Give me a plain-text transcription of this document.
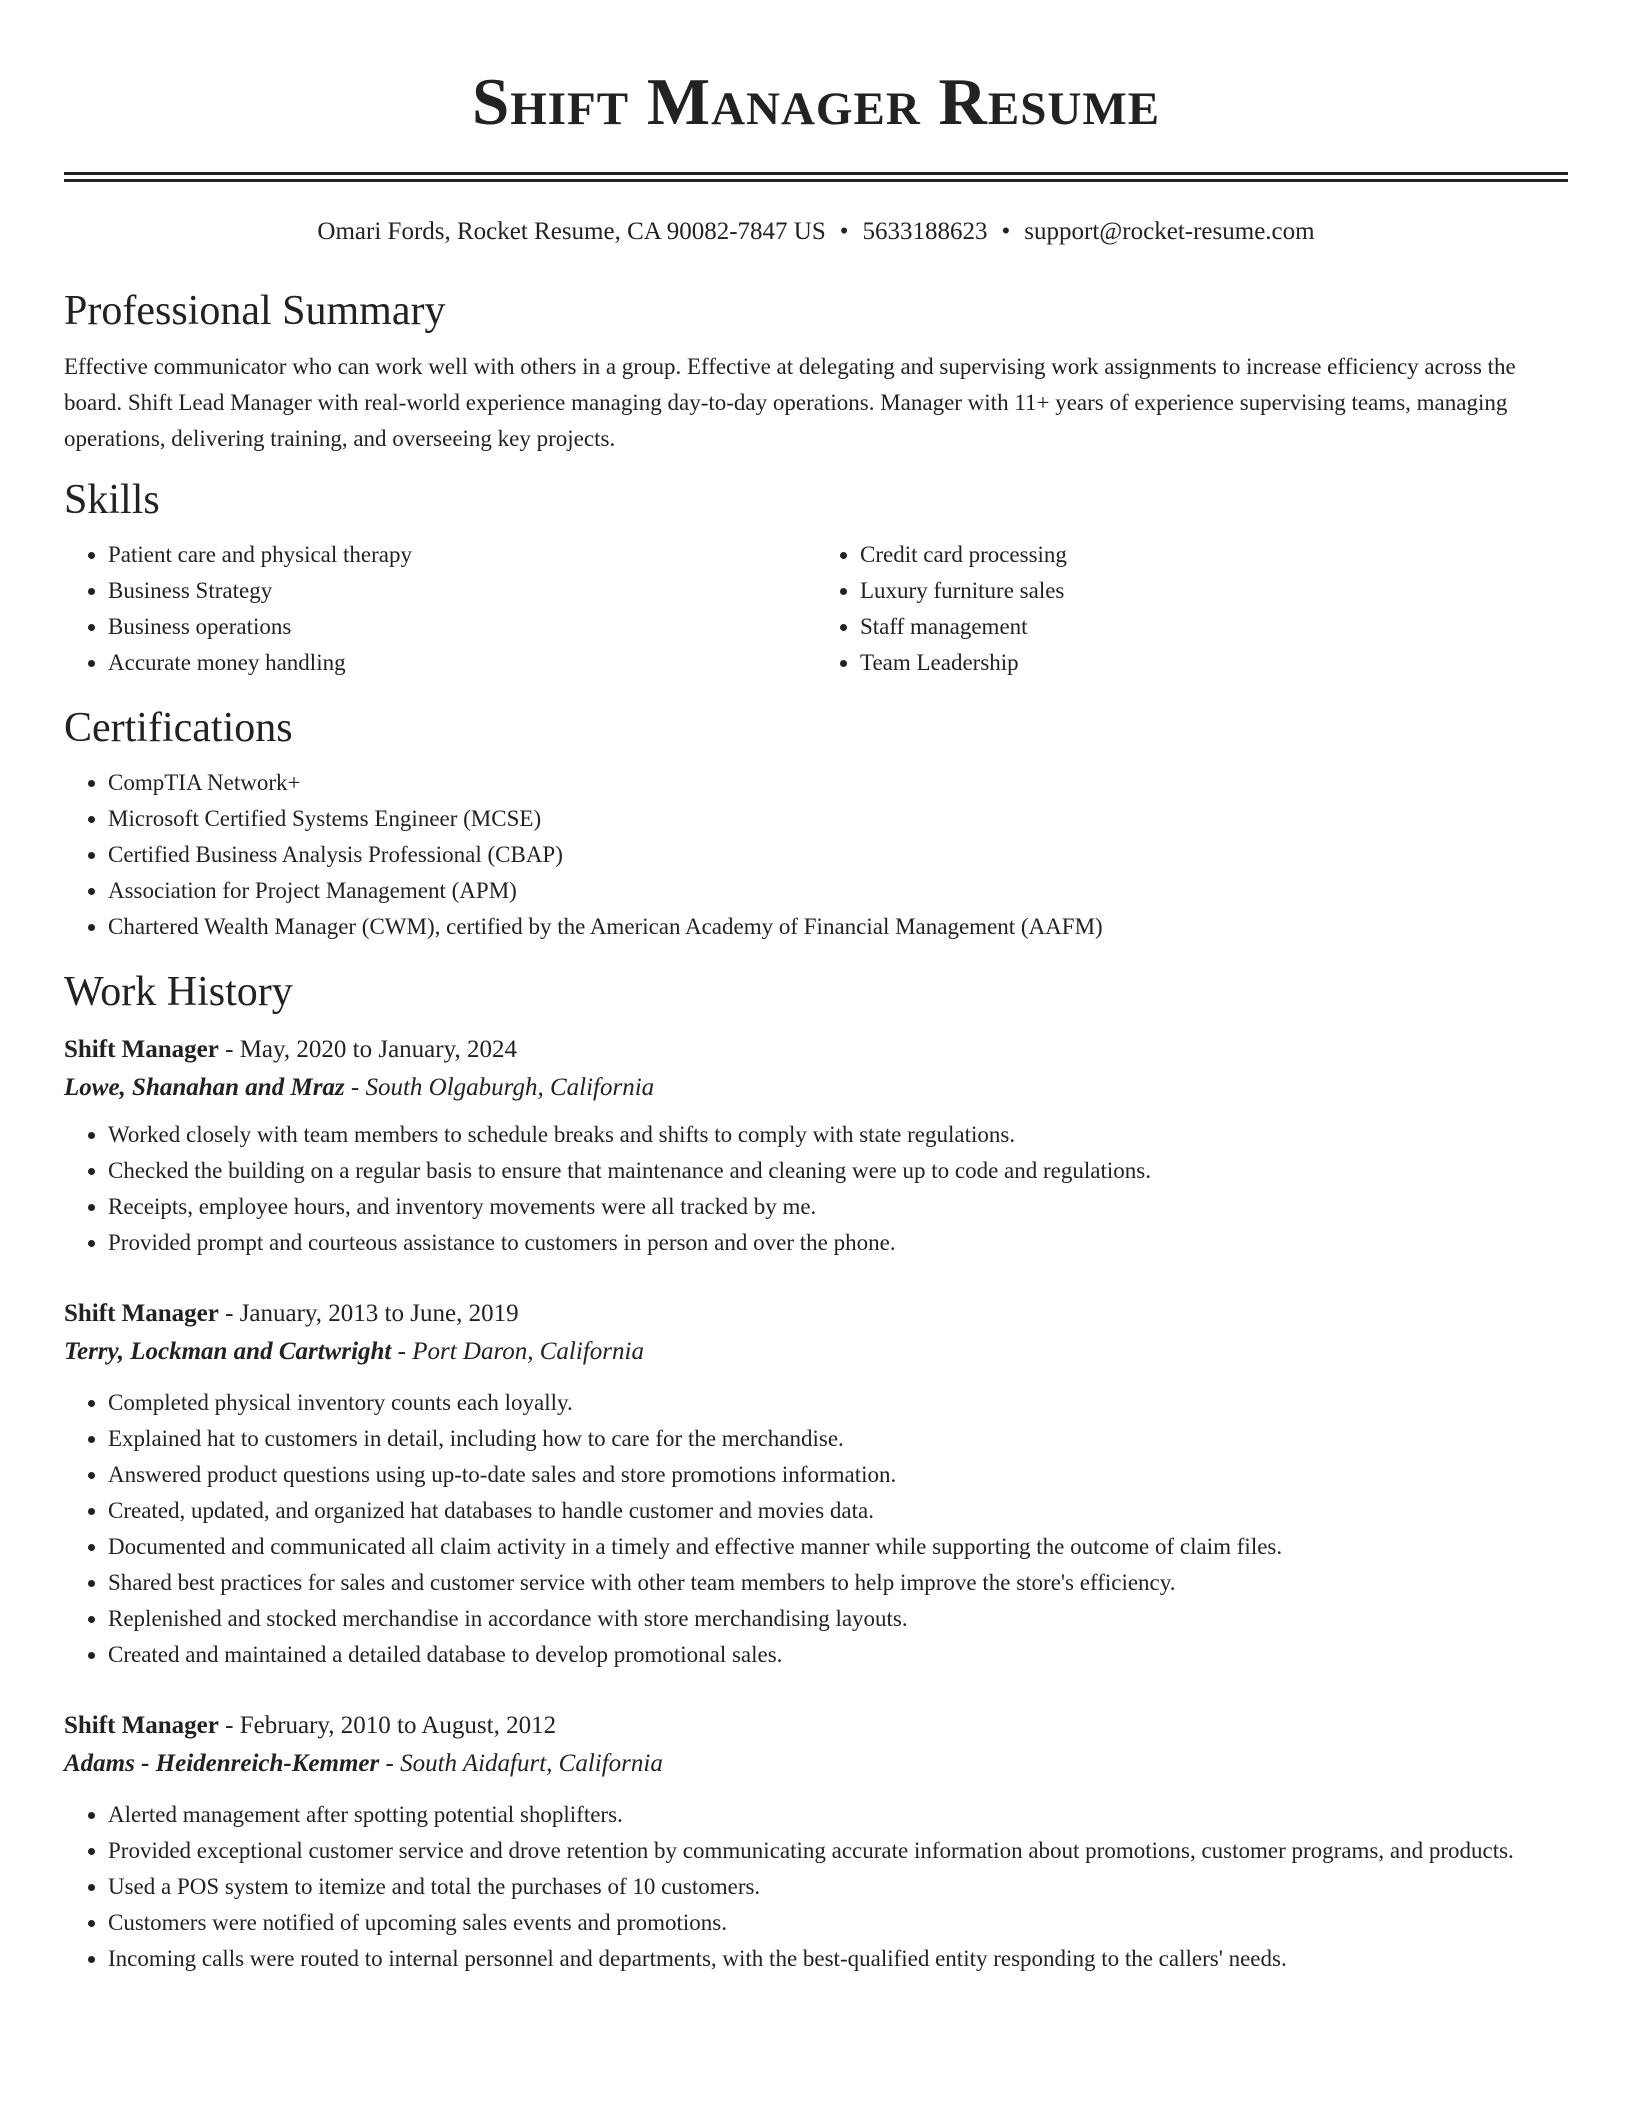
Shift Manager Resume
Omari Fords, Rocket Resume, CA 90082-7847 US • 5633188623 • support@rocket-resume.com
Professional Summary

Effective communicator who can work well with others in a group. Effective at delegating and supervising work assignments to increase efficiency across the board. Shift Lead Manager with real-world experience managing day-to-day operations. Manager with 11+ years of experience supervising teams, managing operations, delivering training, and overseeing key projects.

Skills
• Patient care and physical therapy
• Business Strategy
• Business operations
• Accurate money handling
• Credit card processing
• Luxury furniture sales
• Staff management
• Team Leadership
Certifications
• CompTIA Network+
• Microsoft Certified Systems Engineer (MCSE)
• Certified Business Analysis Professional (CBAP)
• Association for Project Management (APM)
• Chartered Wealth Manager (CWM), certified by the American Academy of Financial Management (AAFM)
Work History
Shift Manager - May, 2020 to January, 2024
Lowe, Shanahan and Mraz - South Olgaburgh, California
• Worked closely with team members to schedule breaks and shifts to comply with state regulations.
• Checked the building on a regular basis to ensure that maintenance and cleaning were up to code and regulations.
• Receipts, employee hours, and inventory movements were all tracked by me.
• Provided prompt and courteous assistance to customers in person and over the phone.
Shift Manager - January, 2013 to June, 2019
Terry, Lockman and Cartwright - Port Daron, California
• Completed physical inventory counts each loyally.
• Explained hat to customers in detail, including how to care for the merchandise.
• Answered product questions using up-to-date sales and store promotions information.
• Created, updated, and organized hat databases to handle customer and movies data.
• Documented and communicated all claim activity in a timely and effective manner while supporting the outcome of claim files.
• Shared best practices for sales and customer service with other team members to help improve the store's efficiency.
• Replenished and stocked merchandise in accordance with store merchandising layouts.
• Created and maintained a detailed database to develop promotional sales.
Shift Manager - February, 2010 to August, 2012
Adams - Heidenreich-Kemmer - South Aidafurt, California
• Alerted management after spotting potential shoplifters.
• Provided exceptional customer service and drove retention by communicating accurate information about promotions, customer programs, and products.
• Used a POS system to itemize and total the purchases of 10 customers.
• Customers were notified of upcoming sales events and promotions.
• Incoming calls were routed to internal personnel and departments, with the best-qualified entity responding to the callers' needs.
